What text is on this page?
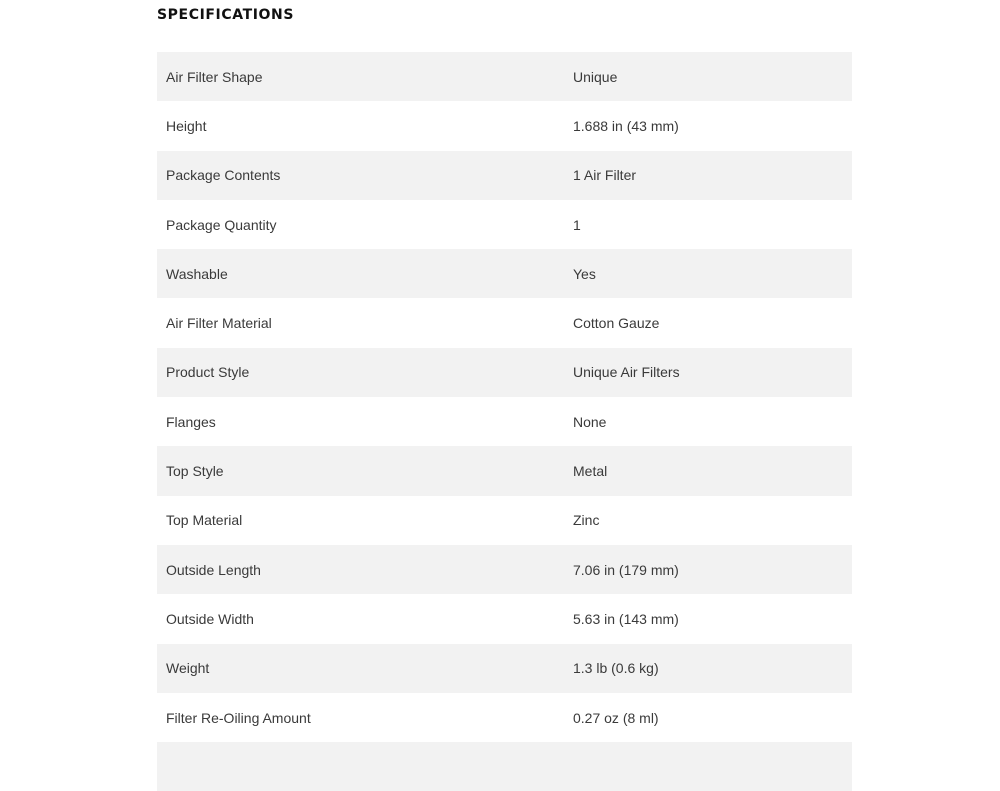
SPECIFICATIONS
Air Filter Shape	Unique
Height	1.688 in (43 mm)
Package Contents	1 Air Filter
Package Quantity	1
Washable	Yes
Air Filter Material	Cotton Gauze
Product Style	Unique Air Filters
Flanges	None
Top Style	Metal
Top Material	Zinc
Outside Length	7.06 in (179 mm)
Outside Width	5.63 in (143 mm)
Weight	1.3 lb (0.6 kg)
Filter Re-Oiling Amount	0.27 oz (8 ml)
